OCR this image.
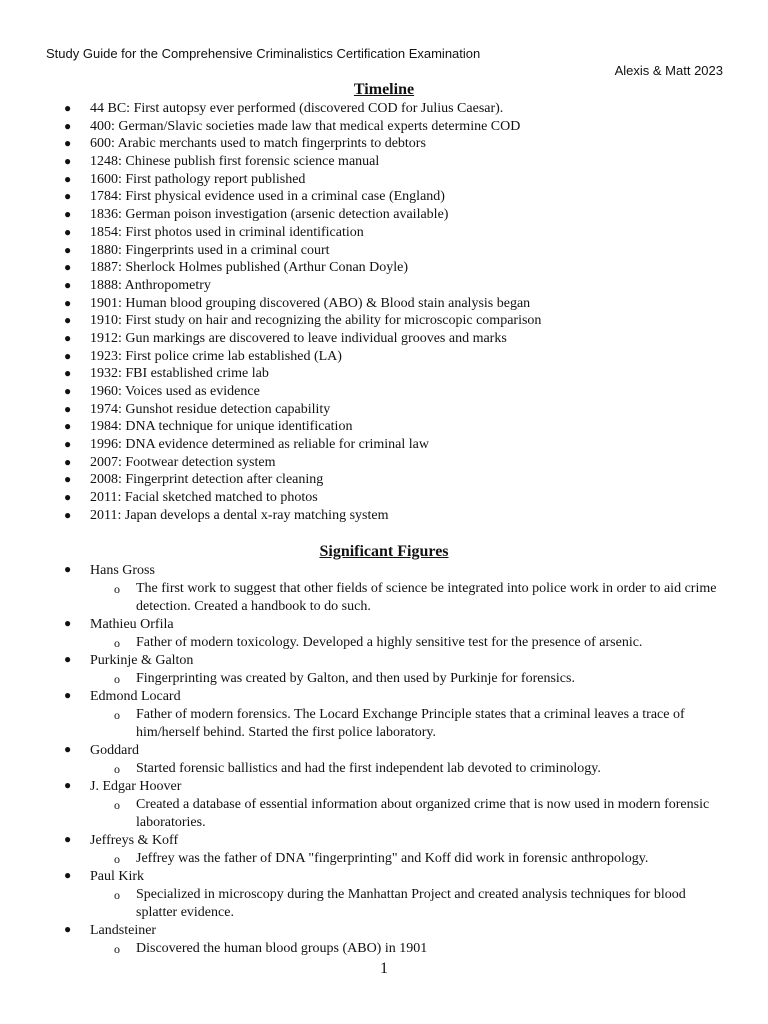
Study Guide for the Comprehensive Criminalistics Certification Examination
Alexis & Matt 2023
Timeline
● 44 BC: First autopsy ever performed (discovered COD for Julius Caesar).
● 400: German/Slavic societies made law that medical experts determine COD
● 600: Arabic merchants used to match fingerprints to debtors
● 1248: Chinese publish first forensic science manual
● 1600: First pathology report published
● 1784: First physical evidence used in a criminal case (England)
● 1836: German poison investigation (arsenic detection available)
● 1854: First photos used in criminal identification
● 1880: Fingerprints used in a criminal court
● 1887: Sherlock Holmes published (Arthur Conan Doyle)
● 1888: Anthropometry
● 1901: Human blood grouping discovered (ABO) & Blood stain analysis began
● 1910: First study on hair and recognizing the ability for microscopic comparison
● 1912: Gun markings are discovered to leave individual grooves and marks
● 1923: First police crime lab established (LA)
● 1932: FBI established crime lab
● 1960: Voices used as evidence
● 1974: Gunshot residue detection capability
● 1984: DNA technique for unique identification
● 1996: DNA evidence determined as reliable for criminal law
● 2007: Footwear detection system
● 2008: Fingerprint detection after cleaning
● 2011: Facial sketched matched to photos
● 2011: Japan develops a dental x-ray matching system
Significant Figures
● Hans Gross
o The first work to suggest that other fields of science be integrated into police work in order to aid crime detection. Created a handbook to do such.
● Mathieu Orfila
o Father of modern toxicology. Developed a highly sensitive test for the presence of arsenic.
● Purkinje & Galton
o Fingerprinting was created by Galton, and then used by Purkinje for forensics.
● Edmond Locard
o Father of modern forensics. The Locard Exchange Principle states that a criminal leaves a trace of him/herself behind. Started the first police laboratory.
● Goddard
o Started forensic ballistics and had the first independent lab devoted to criminology.
● J. Edgar Hoover
o Created a database of essential information about organized crime that is now used in modern forensic laboratories.
● Jeffreys & Koff
o Jeffrey was the father of DNA "fingerprinting" and Koff did work in forensic anthropology.
● Paul Kirk
o Specialized in microscopy during the Manhattan Project and created analysis techniques for blood splatter evidence.
● Landsteiner
o Discovered the human blood groups (ABO) in 1901
1
